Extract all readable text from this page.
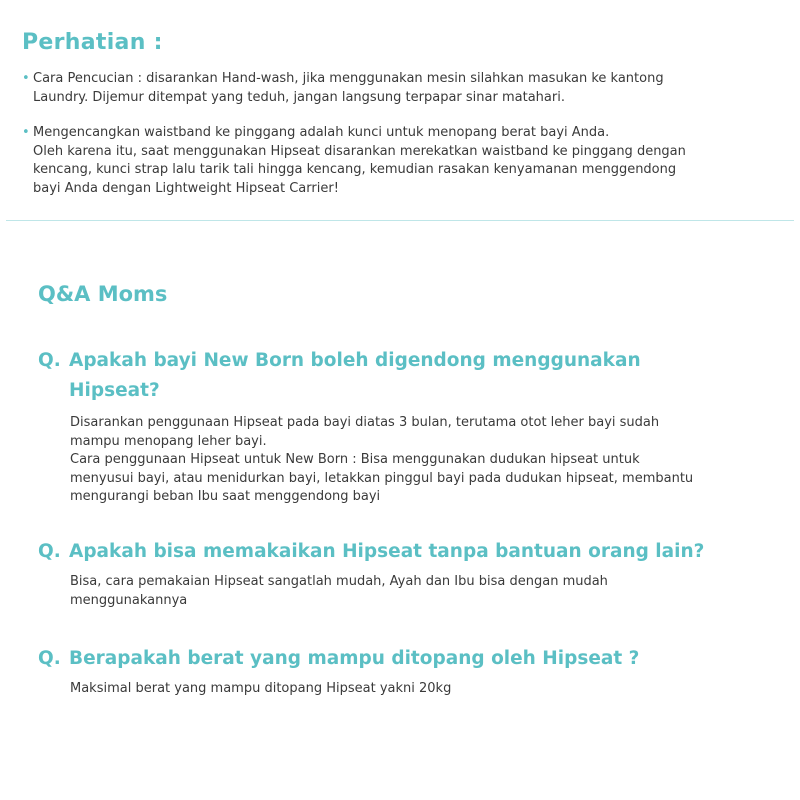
Perhatian :
• Cara Pencucian : disarankan Hand-wash, jika menggunakan mesin silahkan masukan ke kantong

Laundry. Dijemur ditempat yang teduh, jangan langsung terpapar sinar matahari.

• Mengencangkan waistband ke pinggang adalah kunci untuk menopang berat bayi Anda.

Oleh karena itu, saat menggunakan Hipseat disarankan merekatkan waistband ke pinggang dengan

kencang, kunci strap lalu tarik tali hingga kencang, kemudian rasakan kenyamanan menggendong

bayi Anda dengan Lightweight Hipseat Carrier!

Q&A Moms
Q. Apakah bayi New Born boleh digendong menggunakan
Hipseat?

Disarankan penggunaan Hipseat pada bayi diatas 3 bulan, terutama otot leher bayi sudah

mampu menopang leher bayi.

Cara penggunaan Hipseat untuk New Born : Bisa menggunakan dudukan hipseat untuk

menyusui bayi, atau menidurkan bayi, letakkan pinggul bayi pada dudukan hipseat, membantu

mengurangi beban Ibu saat menggendong bayi

Q. Apakah bisa memakaikan Hipseat tanpa bantuan orang lain?

Bisa, cara pemakaian Hipseat sangatlah mudah, Ayah dan Ibu bisa dengan mudah

menggunakannya

Q. Berapakah berat yang mampu ditopang oleh Hipseat ?

Maksimal berat yang mampu ditopang Hipseat yakni 20kg
